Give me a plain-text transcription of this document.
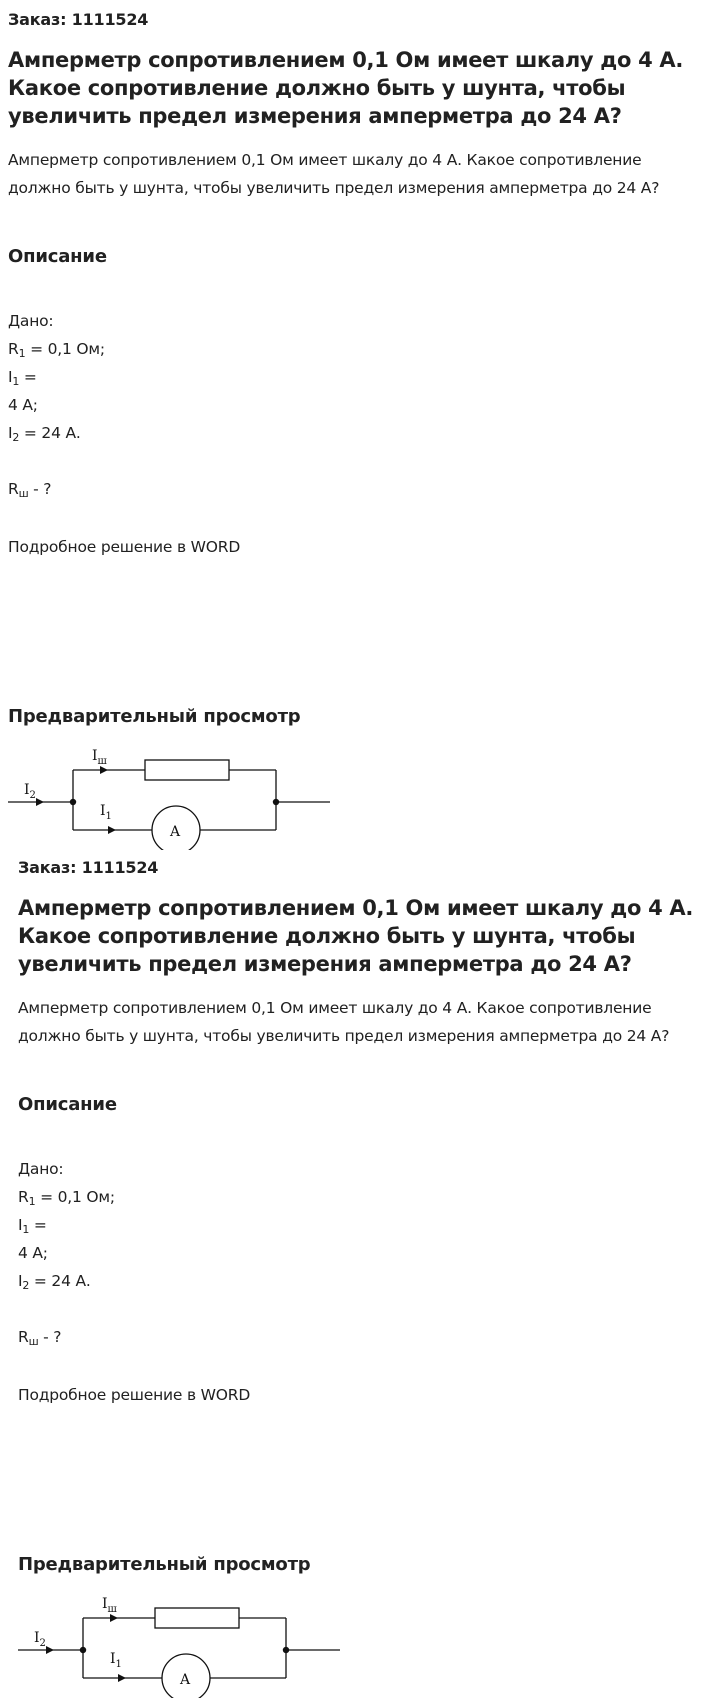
Заказ: 1111524

Амперметр сопротивлением 0,1 Ом имеет шкалу до 4 А. Какое сопротивление должно быть у шунта, чтобы увеличить предел измерения амперметра до 24 А?

Амперметр сопротивлением 0,1 Ом имеет шкалу до 4 А. Какое сопротивление должно быть у шунта, чтобы увеличить предел измерения амперметра до 24 А?

Описание

Дано:

$R_1 = 0,1$ Ом;

$I_1$ =

4 А;

$I_2 = 24$ А.

$R_ш$ - ?

Подробное решение в WORD

Предварительный просмотр
$I_2$
$I_ш$
$I_1$
A

Заказ: 1111524

Амперметр сопротивлением 0,1 Ом имеет шкалу до 4 А. Какое сопротивление должно быть у шунта, чтобы увеличить предел измерения амперметра до 24 А?

Амперметр сопротивлением 0,1 Ом имеет шкалу до 4 А. Какое сопротивление должно быть у шунта, чтобы увеличить предел измерения амперметра до 24 А?

Описание

Дано:

$R_1 = 0,1$ Ом;

$I_1$ =

4 А;

$I_2 = 24$ А.

$R_ш$ - ?

Подробное решение в WORD

Предварительный просмотр
$I_2$
$I_ш$
$I_1$
A
